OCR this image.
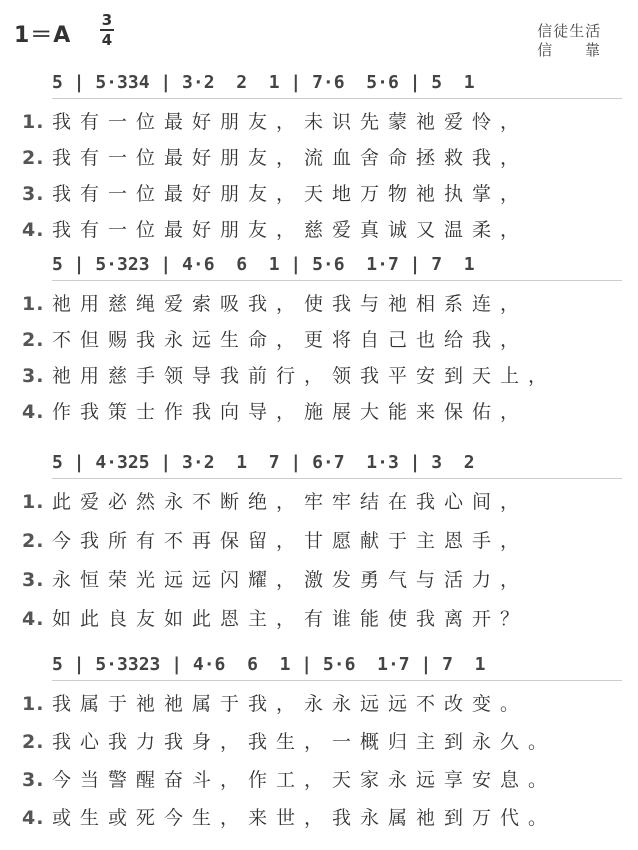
1＝A
3
4	信徒生活
信 靠
5 | 5·334 | 3·2  2  1 | 7·6  5·6 | 5  1
1. 我有一位最好朋友，未识先蒙祂爱怜，
2. 我有一位最好朋友，流血舍命拯救我，
3. 我有一位最好朋友，天地万物祂执掌，
4. 我有一位最好朋友，慈爱真诚又温柔，
5 | 5·323 | 4·6  6  1 | 5·6  1·7 | 7  1
1. 祂用慈绳爱索吸我，使我与祂相系连，
2. 不但赐我永远生命，更将自己也给我，
3. 祂用慈手领导我前行，领我平安到天上，
4. 作我策士作我向导，施展大能来保佑，
5 | 4·325 | 3·2  1  7 | 6·7  1·3 | 3  2
1. 此爱必然永不断绝，牢牢结在我心间，
2. 今我所有不再保留，甘愿献于主恩手，
3. 永恒荣光远远闪耀，激发勇气与活力，
4. 如此良友如此恩主，有谁能使我离开？
5 | 5·3323 | 4·6  6  1 | 5·6  1·7 | 7  1
1. 我属于祂祂属于我，永永远远不改变。
2. 我心我力我身，我生，一概归主到永久。
3. 今当警醒奋斗，作工，天家永远享安息。
4. 或生或死今生，来世，我永属祂到万代。
